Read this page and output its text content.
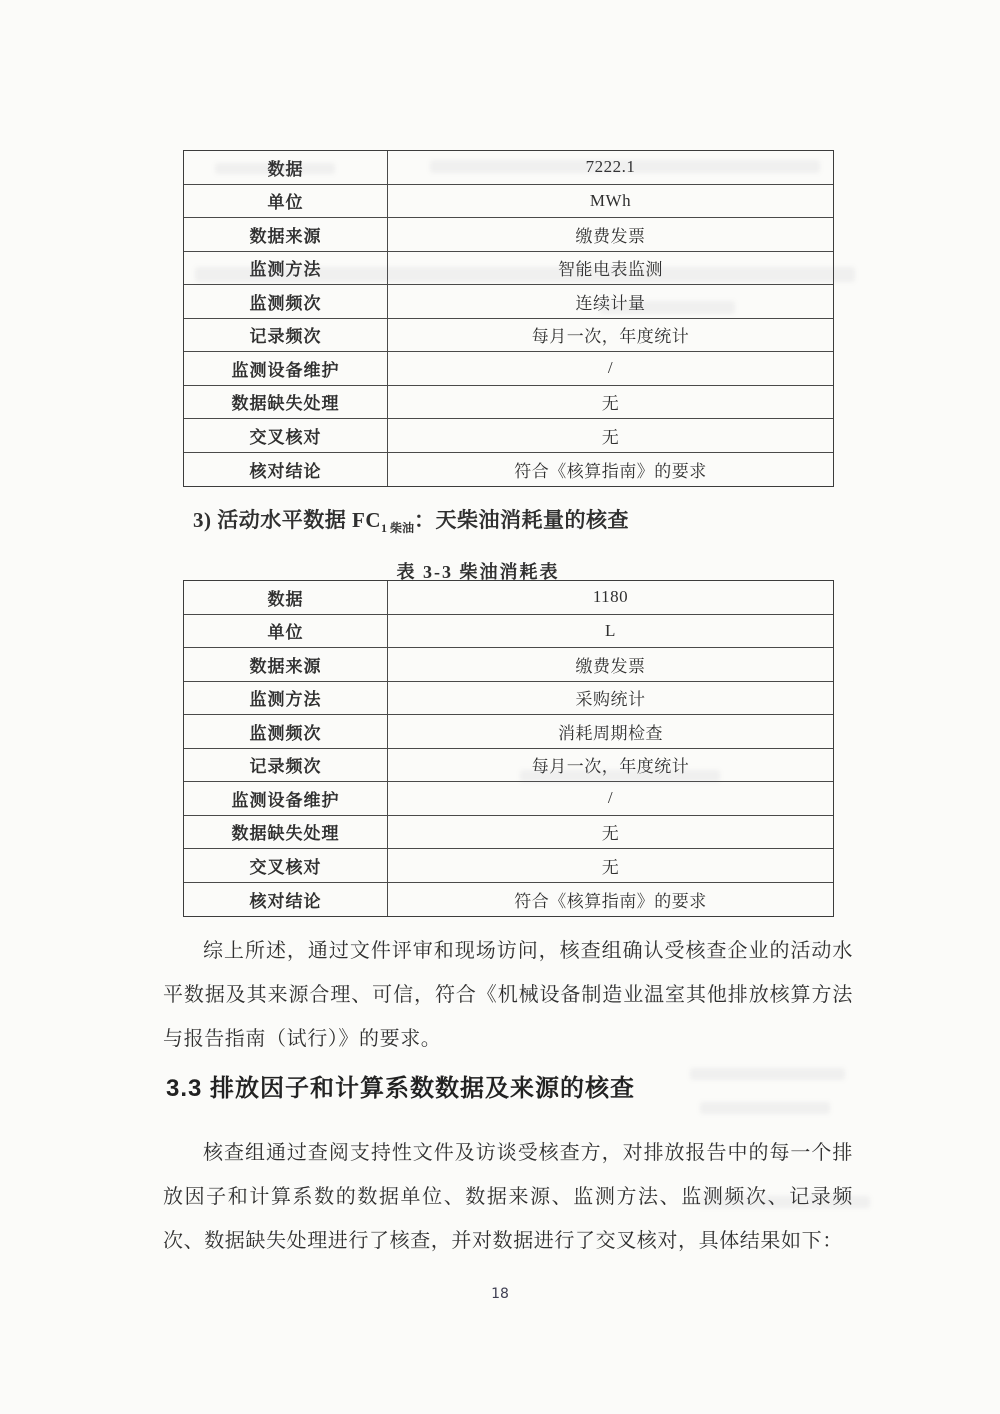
数据	7222.1
单位	MWh
数据来源	缴费发票
监测方法	智能电表监测
监测频次	连续计量
记录频次	每月一次，年度统计
监测设备维护	/
数据缺失处理	无
交叉核对	无
核对结论	符合《核算指南》的要求
3) 活动水平数据 $FC_{1 柴油}$：天柴油消耗量的核查
表 3-3 柴油消耗表
数据	1180
单位	L
数据来源	缴费发票
监测方法	采购统计
监测频次	消耗周期检查
记录频次	每月一次，年度统计
监测设备维护	/
数据缺失处理	无
交叉核对	无
核对结论	符合《核算指南》的要求
综上所述，通过文件评审和现场访问，核查组确认受核查企业的活动水平数据及其来源合理、可信，符合《机械设备制造业温室其他排放核算方法与报告指南（试行）》的要求。
3.3 排放因子和计算系数数据及来源的核查
核查组通过查阅支持性文件及访谈受核查方，对排放报告中的每一个排放因子和计算系数的数据单位、数据来源、监测方法、监测频次、记录频次、数据缺失处理进行了核查，并对数据进行了交叉核对，具体结果如下：
18
